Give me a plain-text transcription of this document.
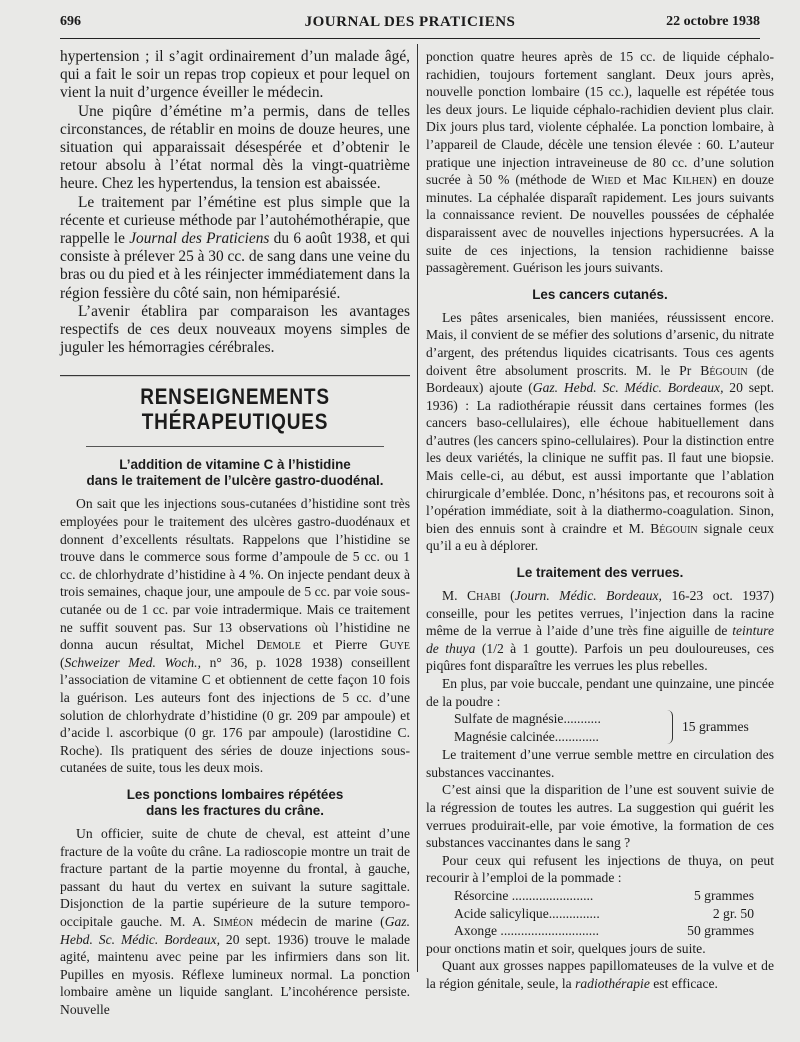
696	JOURNAL DES PRATICIENS	22 octobre 1938

hypertension ; il s’agit ordinairement d’un malade âgé, qui a fait le soir un repas trop copieux et pour lequel on vient la nuit d’urgence éveiller le médecin.

Une piqûre d’émétine m’a permis, dans de telles circonstances, de rétablir en moins de douze heures, une situation qui apparaissait désespérée et d’obtenir le retour absolu à l’état normal dès la vingt-quatrième heure. Chez les hypertendus, la tension est abaissée.

Le traitement par l’émétine est plus simple que la récente et curieuse méthode par l’autohémothérapie, que rappelle le Journal des Praticiens du 6 août 1938, et qui consiste à prélever 25 à 30 cc. de sang dans une veine du bras ou du pied et à les réinjecter immédiatement dans la région fessière du côté sain, non hémiparésié.

L’avenir établira par comparaison les avantages respectifs de ces deux nouveaux moyens simples de juguler les hémorragies cérébrales.

RENSEIGNEMENTS THÉRAPEUTIQUES
L’addition de vitamine C à l’histidine
dans le traitement de l’ulcère gastro-duodénal.

On sait que les injections sous-cutanées d’histidine sont très employées pour le traitement des ulcères gastro-duodénaux et donnent d’excellents résultats. Rappelons que l’histidine se trouve dans le commerce sous forme d’ampoule de 5 cc. ou 1 cc. de chlorhydrate d’histidine à 4 %. On injecte pendant deux à trois semaines, chaque jour, une ampoule de 5 cc. par voie sous-cutanée ou de 1 cc. par voie intradermique. Mais ce traitement ne suffit souvent pas. Sur 13 observations où l’histidine ne donna aucun résultat, Michel Demole et Pierre Guye (Schweizer Med. Woch., n° 36, p. 1028 1938) conseillent l’association de vitamine C et obtiennent de cette façon 10 fois la guérison. Les auteurs font des injections de 5 cc. d’une solution de chlorhydrate d’histidine (0 gr. 209 par ampoule) et d’acide l. ascorbique (0 gr. 176 par ampoule) (larostidine C. Roche). Ils pratiquent des séries de douze injections sous-cutanées de suite, tous les deux mois.

Les ponctions lombaires répétées
dans les fractures du crâne.

Un officier, suite de chute de cheval, est atteint d’une fracture de la voûte du crâne. La radioscopie montre un trait de fracture partant de la partie moyenne du frontal, à gauche, passant du haut du vertex en suivant la suture sagittale. Disjonction de la partie supérieure de la suture temporo-occipitale gauche. M. A. Siméon médecin de marine (Gaz. Hebd. Sc. Médic. Bordeaux, 20 sept. 1936) trouve le malade agité, maintenu avec peine par les infirmiers dans son lit. Pupilles en myosis. Réflexe lumineux normal. La ponction lombaire amène un liquide sanglant. L’incohérence persiste. Nouvelle

ponction quatre heures après de 15 cc. de liquide céphalo-rachidien, toujours fortement sanglant. Deux jours après, nouvelle ponction lombaire (15 cc.), laquelle est répétée tous les deux jours. Le liquide céphalo-rachidien devient plus clair. Dix jours plus tard, violente céphalée. La ponction lombaire, à l’appareil de Claude, décèle une tension élevée : 60. L’auteur pratique une injection intraveineuse de 80 cc. d’une solution sucrée à 50 % (méthode de Wied et Mac Kilhen) en douze minutes. La céphalée disparaît rapidement. Les jours suivants la connaissance revient. De nouvelles poussées de céphalée disparaissent avec de nouvelles injections hypersucrées. A la suite de ces injections, la tension rachidienne baisse passagèrement. Guérison les jours suivants.

Les cancers cutanés.

Les pâtes arsenicales, bien maniées, réussissent encore. Mais, il convient de se méfier des solutions d’arsenic, du nitrate d’argent, des prétendus liquides cicatrisants. Tous ces agents doivent être absolument proscrits. M. le Pr Bégouin (de Bordeaux) ajoute (Gaz. Hebd. Sc. Médic. Bordeaux, 20 sept. 1936) : La radiothérapie réussit dans certaines formes (les cancers baso-cellulaires), elle échoue habituellement dans d’autres (les cancers spino-cellulaires). Pour la distinction entre les deux variétés, la clinique ne suffit pas. Il faut une biopsie. Mais celle-ci, au début, est aussi importante que l’ablation chirurgicale d’emblée. Donc, n’hésitons pas, et recourons soit à l’opération immédiate, soit à la diathermo-coagulation. Sinon, bien des ennuis sont à craindre et M. Bégouin signale ceux qu’il a eu à déplorer.

Le traitement des verrues.

M. Chabi (Journ. Médic. Bordeaux, 16-23 oct. 1937) conseille, pour les petites verrues, l’injection dans la racine même de la verrue à l’aide d’une très fine aiguille de teinture de thuya (1/2 à 1 goutte). Parfois un peu douloureuses, ces piqûres font disparaître les verrues les plus rebelles.

En plus, par voie buccale, pendant une quinzaine, une pincée de la poudre :

Sulfate de magnésie...........
Magnésie calcinée.............
15 grammes

Le traitement d’une verrue semble mettre en circulation des substances vaccinantes.

C’est ainsi que la disparition de l’une est souvent suivie de la régression de toutes les autres. La suggestion qui guérit les verrues produirait-elle, par voie émotive, la formation de ces substances vaccinantes dans le sang ?

Pour ceux qui refusent les injections de thuya, on peut recourir à l’emploi de la pommade :

Résorcine ........................	5 grammes
Acide salicylique...............	2 gr. 50
Axonge .............................	50 grammes

pour onctions matin et soir, quelques jours de suite.

Quant aux grosses nappes papillomateuses de la vulve et de la région génitale, seule, la radiothérapie est efficace.
